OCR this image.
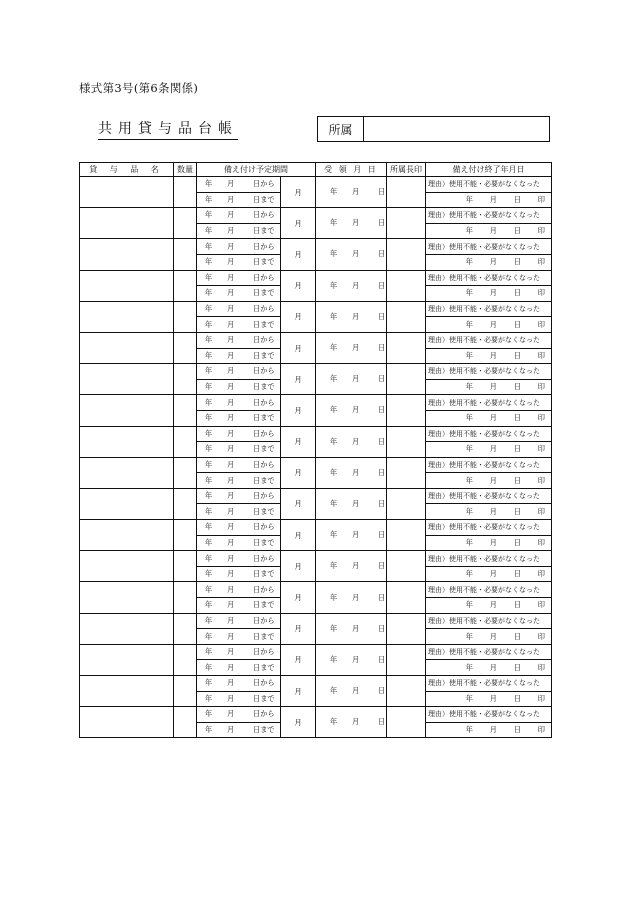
様式第3号(第6条関係)
共用貸与品台帳	所属
貸 与 品 名	数量	備え付け予定期間		受 領 月 日	所属長印	備え付け終了年月日
		年 月 日から	月	年 月 日		理由）使用不能・必要がなくなった
		年 月 日まで				年 月 日 印
		年 月 日から	月	年 月 日		理由）使用不能・必要がなくなった
		年 月 日まで				年 月 日 印
		年 月 日から	月	年 月 日		理由）使用不能・必要がなくなった
		年 月 日まで				年 月 日 印
		年 月 日から	月	年 月 日		理由）使用不能・必要がなくなった
		年 月 日まで				年 月 日 印
		年 月 日から	月	年 月 日		理由）使用不能・必要がなくなった
		年 月 日まで				年 月 日 印
		年 月 日から	月	年 月 日		理由）使用不能・必要がなくなった
		年 月 日まで				年 月 日 印
		年 月 日から	月	年 月 日		理由）使用不能・必要がなくなった
		年 月 日まで				年 月 日 印
		年 月 日から	月	年 月 日		理由）使用不能・必要がなくなった
		年 月 日まで				年 月 日 印
		年 月 日から	月	年 月 日		理由）使用不能・必要がなくなった
		年 月 日まで				年 月 日 印
		年 月 日から	月	年 月 日		理由）使用不能・必要がなくなった
		年 月 日まで				年 月 日 印
		年 月 日から	月	年 月 日		理由）使用不能・必要がなくなった
		年 月 日まで				年 月 日 印
		年 月 日から	月	年 月 日		理由）使用不能・必要がなくなった
		年 月 日まで				年 月 日 印
		年 月 日から	月	年 月 日		理由）使用不能・必要がなくなった
		年 月 日まで				年 月 日 印
		年 月 日から	月	年 月 日		理由）使用不能・必要がなくなった
		年 月 日まで				年 月 日 印
		年 月 日から	月	年 月 日		理由）使用不能・必要がなくなった
		年 月 日まで				年 月 日 印
		年 月 日から	月	年 月 日		理由）使用不能・必要がなくなった
		年 月 日まで				年 月 日 印
		年 月 日から	月	年 月 日		理由）使用不能・必要がなくなった
		年 月 日まで				年 月 日 印
		年 月 日から	月	年 月 日		理由）使用不能・必要がなくなった
		年 月 日まで				年 月 日 印
